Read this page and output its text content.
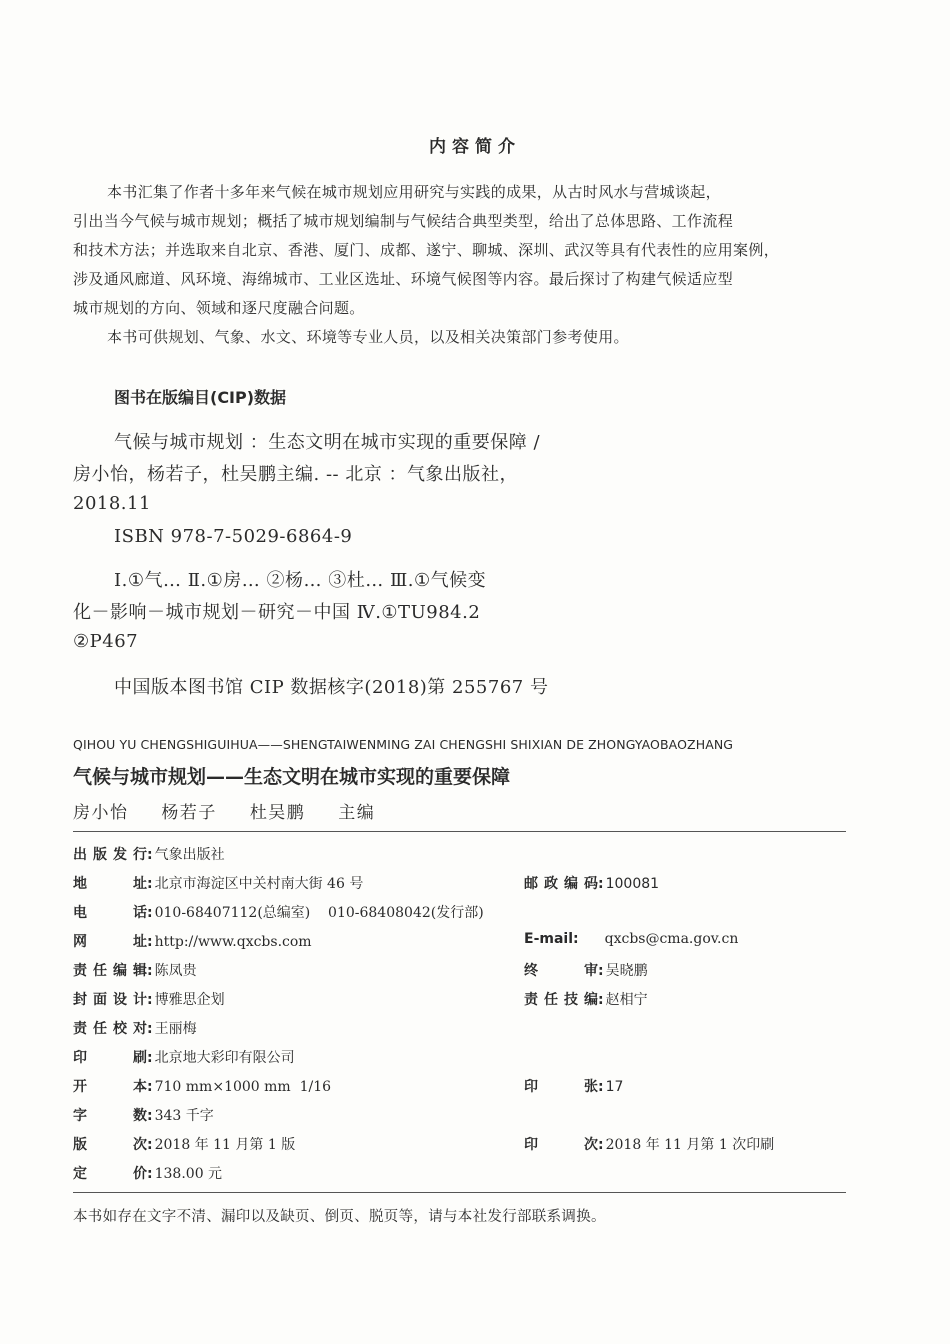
内容简介
本书汇集了作者十多年来气候在城市规划应用研究与实践的成果，从古时风水与营城谈起，
引出当今气候与城市规划；概括了城市规划编制与气候结合典型类型，给出了总体思路、工作流程
和技术方法；并选取来自北京、香港、厦门、成都、遂宁、聊城、深圳、武汉等具有代表性的应用案例，
涉及通风廊道、风环境、海绵城市、工业区选址、环境气候图等内容。最后探讨了构建气候适应型
城市规划的方向、领域和逐尺度融合问题。
本书可供规划、气象、水文、环境等专业人员，以及相关决策部门参考使用。
图书在版编目(CIP)数据
气候与城市规划 ：生态文明在城市实现的重要保障 /
房小怡，杨若子，杜吴鹏主编. -- 北京 ：气象出版社，
2018.11
ISBN 978-7-5029-6864-9
Ⅰ.①气… Ⅱ.①房… ②杨… ③杜… Ⅲ.①气候变
化－影响－城市规划－研究－中国 Ⅳ.①TU984.2
②P467
中国版本图书馆 CIP 数据核字(2018)第 255767 号
QIHOU YU CHENGSHIGUIHUA——SHENGTAIWENMING ZAI CHENGSHI SHIXIAN DE ZHONGYAOBAOZHANG
气候与城市规划——生态文明在城市实现的重要保障
房小怡 杨若子 杜吴鹏 主编
出版发行: 气象出版社
地址: 北京市海淀区中关村南大街 46 号
电话: 010-68407112(总编室)    010-68408042(发行部)
网址: http://www.qxcbs.com
责任编辑: 陈凤贵
封面设计: 博雅思企划
责任校对: 王丽梅
印刷: 北京地大彩印有限公司
开本: 710 mm×1000 mm  1/16
字数: 343 千字
版次: 2018 年 11 月第 1 版
定价: 138.00 元
邮政编码: 100081
E-mail: qxcbs@cma.gov.cn
终审: 吴晓鹏
责任技编: 赵相宁
印张: 17
印次: 2018 年 11 月第 1 次印刷
本书如存在文字不清、漏印以及缺页、倒页、脱页等，请与本社发行部联系调换。
